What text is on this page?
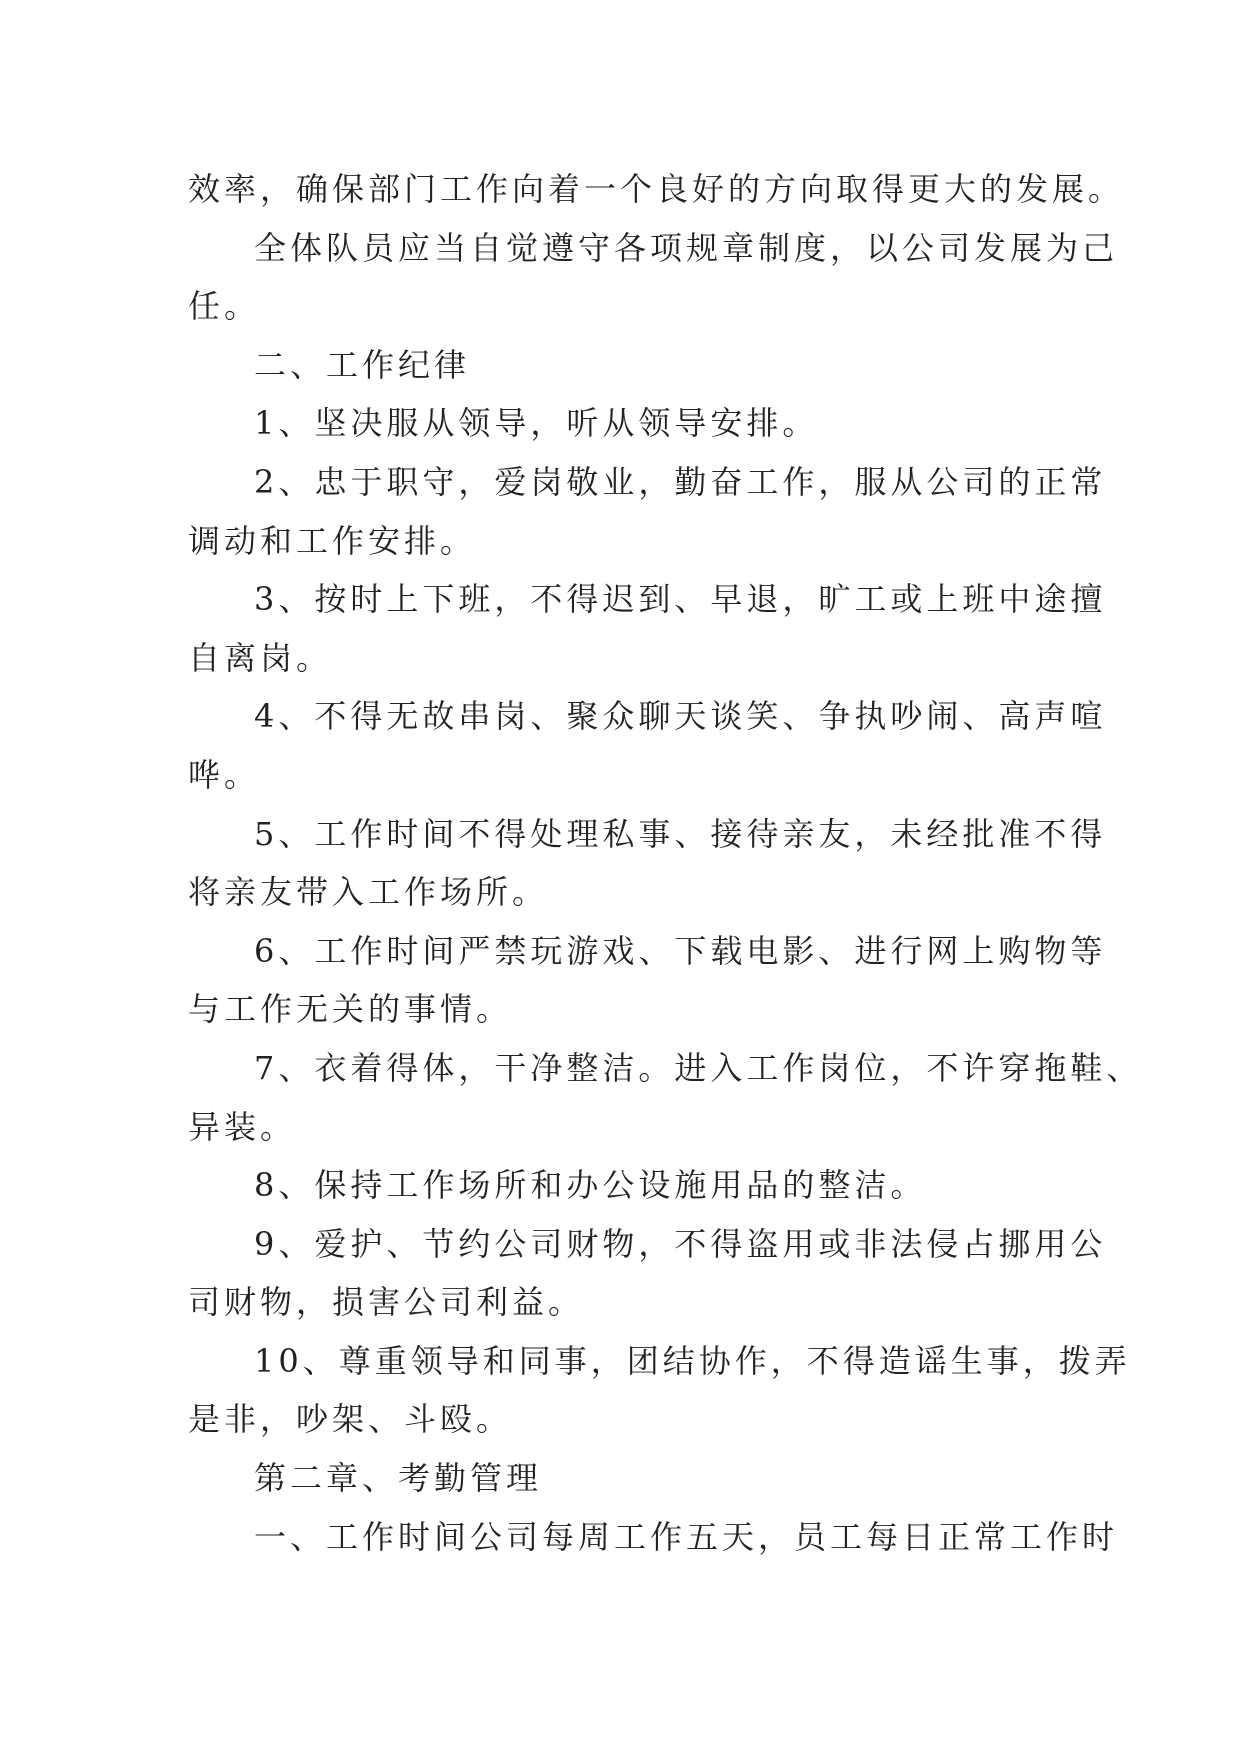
效率，确保部门工作向着一个良好的方向取得更大的发展。
全体队员应当自觉遵守各项规章制度，以公司发展为己
任。
二、工作纪律
1、坚决服从领导，听从领导安排。
2、忠于职守，爱岗敬业，勤奋工作，服从公司的正常
调动和工作安排。
3、按时上下班，不得迟到、早退，旷工或上班中途擅
自离岗。
4、不得无故串岗、聚众聊天谈笑、争执吵闹、高声喧
哗。
5、工作时间不得处理私事、接待亲友，未经批准不得
将亲友带入工作场所。
6、工作时间严禁玩游戏、下载电影、进行网上购物等
与工作无关的事情。
7、衣着得体，干净整洁。进入工作岗位，不许穿拖鞋、
异装。
8、保持工作场所和办公设施用品的整洁。
9、爱护、节约公司财物，不得盗用或非法侵占挪用公
司财物，损害公司利益。
10、尊重领导和同事，团结协作，不得造谣生事，拨弄
是非，吵架、斗殴。
第二章、考勤管理
一、工作时间公司每周工作五天，员工每日正常工作时
